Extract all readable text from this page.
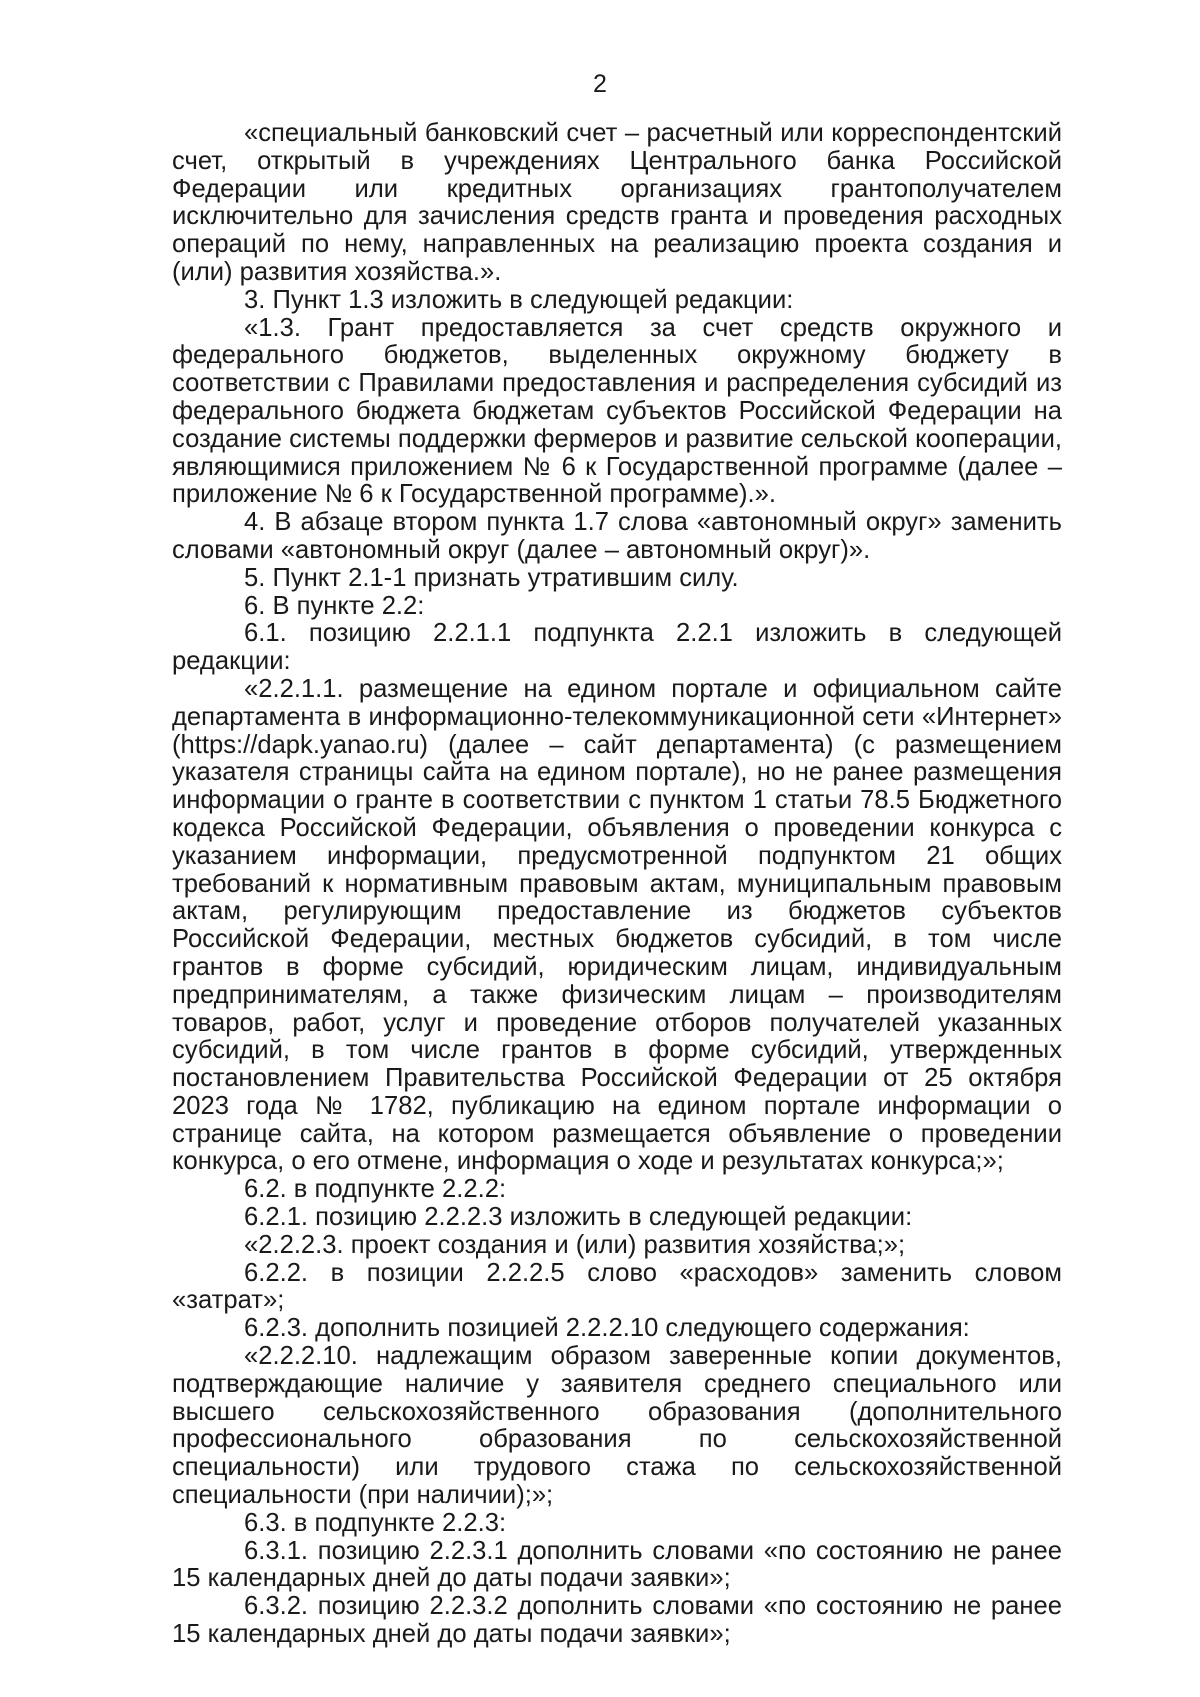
2

«специальный банковский счет – расчетный или корреспондентский счет, открытый в учреждениях Центрального банка Российской Федерации или кредитных организациях грантополучателем исключительно для зачисления средств гранта и проведения расходных операций по нему, направленных на реализацию проекта создания и (или) развития хозяйства.».

3. Пункт 1.3 изложить в следующей редакции:

«1.3. Грант предоставляется за счет средств окружного и федерального бюджетов, выделенных окружному бюджету в соответствии с Правилами предоставления и распределения субсидий из федерального бюджета бюджетам субъектов Российской Федерации на создание системы поддержки фермеров и развитие сельской кооперации, являющимися приложением № 6 к Государственной программе (далее – приложение № 6 к Государственной программе).».

4. В абзаце втором пункта 1.7 слова «автономный округ» заменить словами «автономный округ (далее – автономный округ)».

5. Пункт 2.1-1 признать утратившим силу.

6. В пункте 2.2:

6.1. позицию 2.2.1.1 подпункта 2.2.1 изложить в следующей редакции:

«2.2.1.1. размещение на едином портале и официальном сайте департамента в информационно-телекоммуникационной сети «Интернет» (https://dapk.yanao.ru) (далее – сайт департамента) (с размещением указателя страницы сайта на едином портале), но не ранее размещения информации о гранте в соответствии с пунктом 1 статьи 78.5 Бюджетного кодекса Российской Федерации, объявления о проведении конкурса с указанием информации, предусмотренной подпунктом 21 общих требований к нормативным правовым актам, муниципальным правовым актам, регулирующим предоставление из бюджетов субъектов Российской Федерации, местных бюджетов субсидий, в том числе грантов в форме субсидий, юридическим лицам, индивидуальным предпринимателям, а также физическим лицам – производителям товаров, работ, услуг и проведение отборов получателей указанных субсидий, в том числе грантов в форме субсидий, утвержденных постановлением Правительства Российской Федерации от 25 октября 2023 года № 1782, публикацию на едином портале информации о странице сайта, на котором размещается объявление о проведении конкурса, о его отмене, информация о ходе и результатах конкурса;»;

6.2. в подпункте 2.2.2:

6.2.1. позицию 2.2.2.3 изложить в следующей редакции:

«2.2.2.3. проект создания и (или) развития хозяйства;»;

6.2.2. в позиции 2.2.2.5 слово «расходов» заменить словом «затрат»;

6.2.3. дополнить позицией 2.2.2.10 следующего содержания:

«2.2.2.10. надлежащим образом заверенные копии документов, подтверждающие наличие у заявителя среднего специального или высшего сельскохозяйственного образования (дополнительного профессионального образования по сельскохозяйственной специальности) или трудового стажа по сельскохозяйственной специальности (при наличии);»;

6.3. в подпункте 2.2.3:

6.3.1. позицию 2.2.3.1 дополнить словами «по состоянию не ранее 15 календарных дней до даты подачи заявки»;

6.3.2. позицию 2.2.3.2 дополнить словами «по состоянию не ранее 15 календарных дней до даты подачи заявки»;
